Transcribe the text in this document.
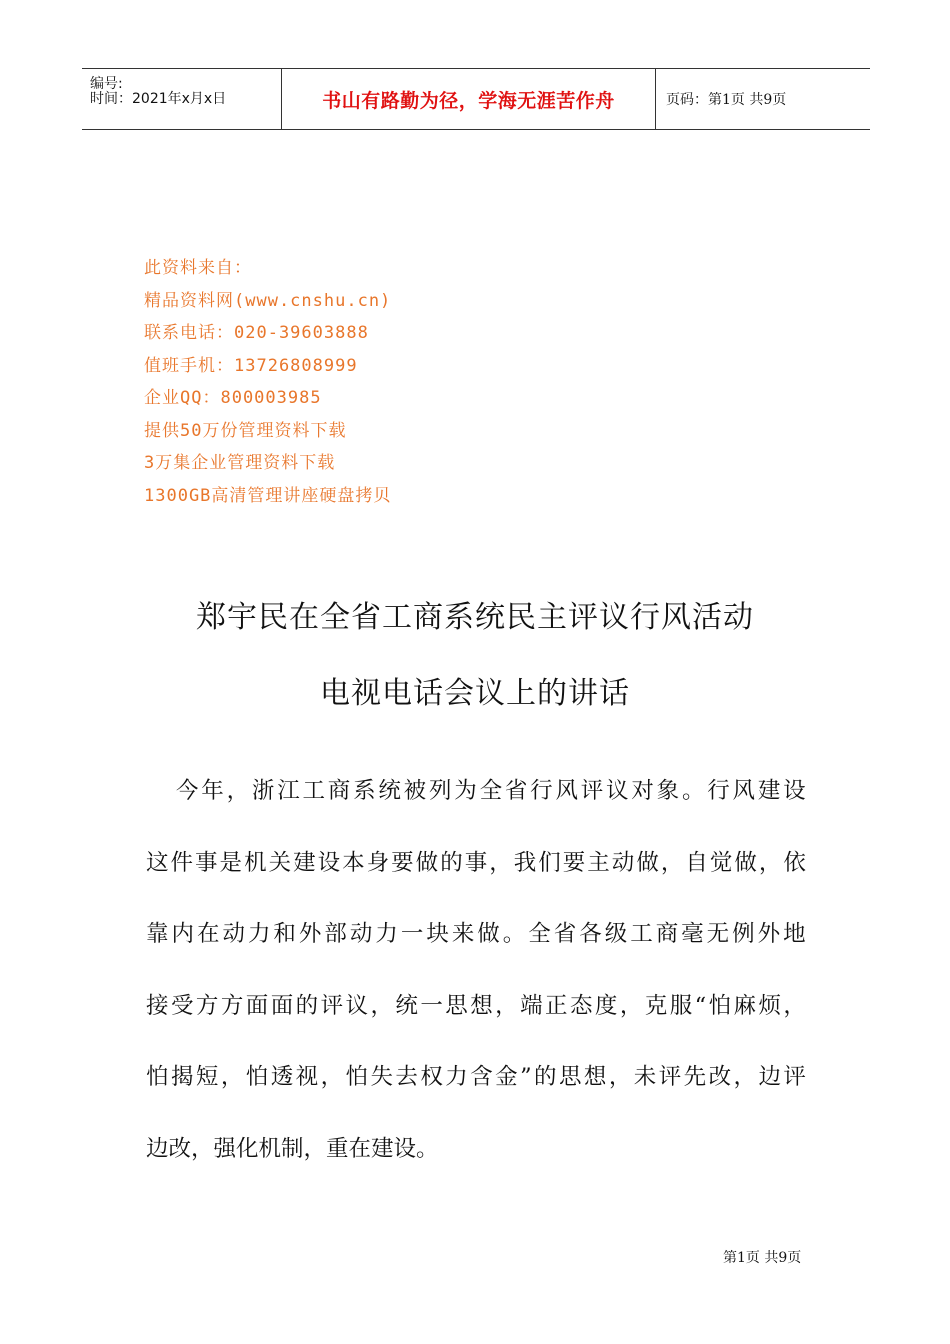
编号:
时间：2021年x月x日	书山有路勤为径，学海无涯苦作舟	页码：第1页 共9页
此资料来自：
精品资料网(www.cnshu.cn)
联系电话：020-39603888
值班手机：13726808999
企业QQ：800003985
提供50万份管理资料下载
3万集企业管理资料下载
1300GB高清管理讲座硬盘拷贝
郑宇民在全省工商系统民主评议行风活动
电视电话会议上的讲话
今 年 ， 浙 江 工 商 系 统 被 列 为 全 省 行 风 评 议 对 象 。 行 风 建 设
这 件 事 是 机 关 建 设 本 身 要 做 的 事 ， 我 们 要 主 动 做 ， 自 觉 做 ， 依
靠 内 在 动 力 和 外 部 动 力 一 块 来 做 。 全 省 各 级 工 商 毫 无 例 外 地
接 受 方 方 面 面 的 评 议 ， 统 一 思 想 ， 端 正 态 度 ， 克 服 “ 怕 麻 烦 ，
怕 揭 短 ， 怕 透 视 ， 怕 失 去 权 力 含 金 ” 的 思 想 ， 未 评 先 改 ， 边 评
边改，强化机制，重在建设。
第1页 共9页
